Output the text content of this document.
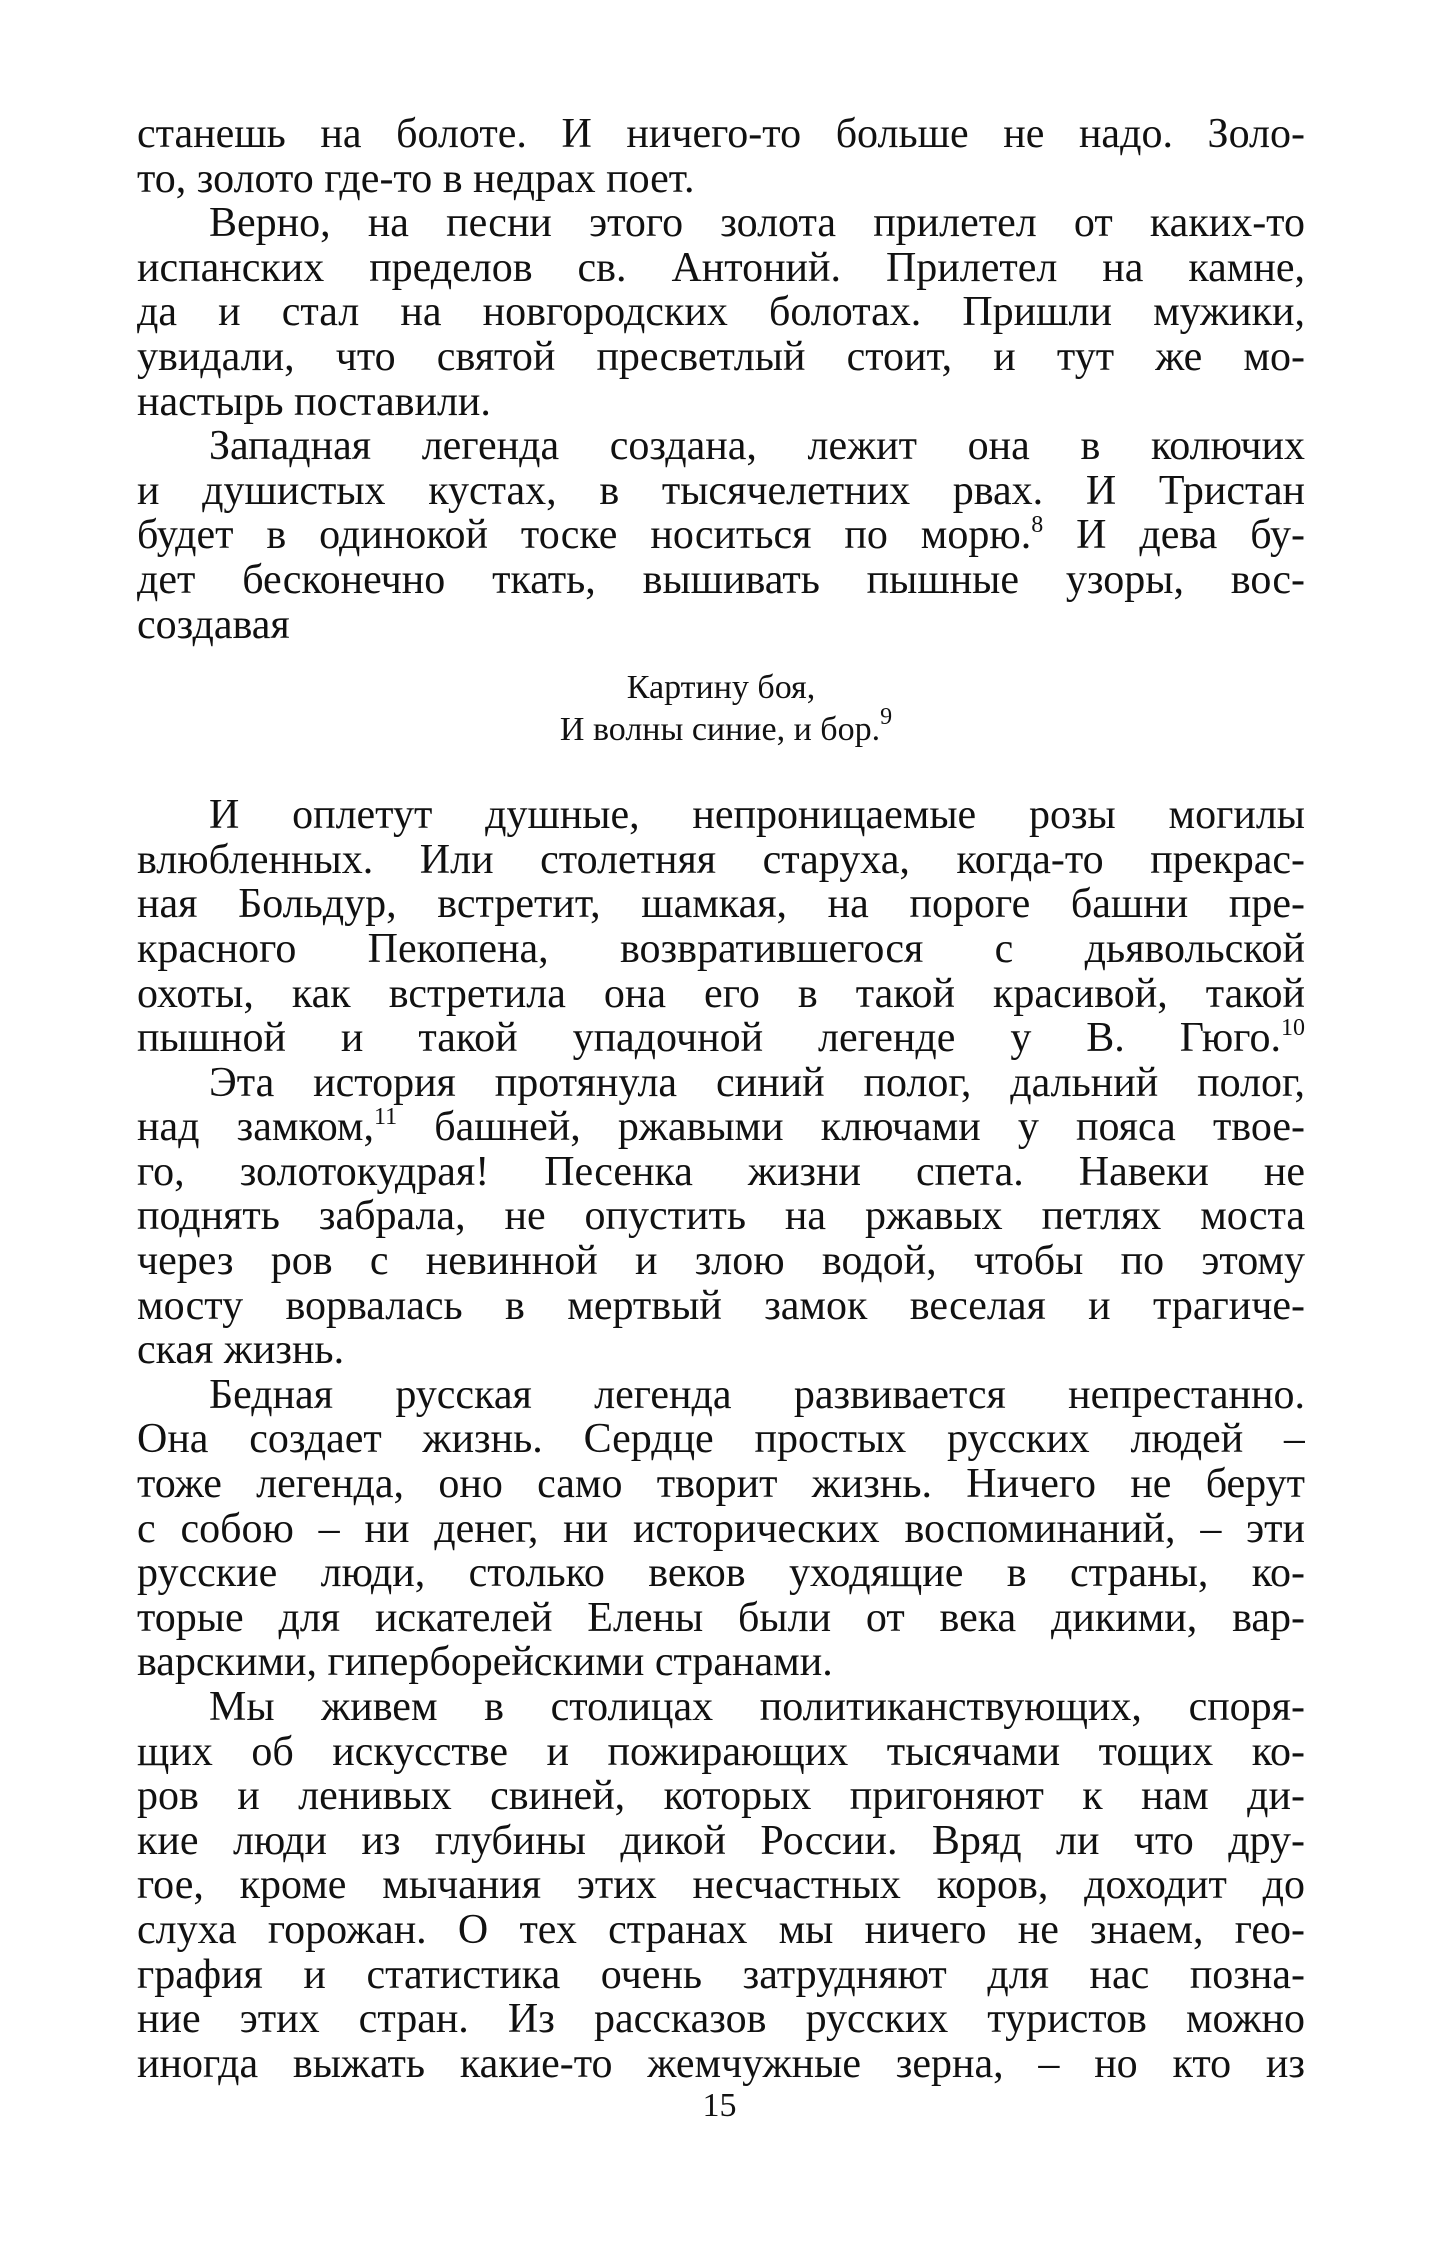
станешь на болоте. И ничего-то больше не надо. Золо-
то, золото где-то в недрах поет.
Верно, на песни этого золота прилетел от каких-то
испанских пределов св. Антоний. Прилетел на камне,
да и стал на новгородских болотах. Пришли мужики,
увидали, что святой пресветлый стоит, и тут же мо-
настырь поставили.
Западная легенда создана, лежит она в колючих
и душистых кустах, в тысячелетних рвах. И Тристан
будет в одинокой тоске носиться по морю.$^8$ И дева бу-
дет бесконечно ткать, вышивать пышные узоры, вос-
создавая
Картину боя,
И волны синие, и бор.$^9$
И оплетут душные, непроницаемые розы могилы
влюбленных. Или столетняя старуха, когда-то прекрас-
ная Больдур, встретит, шамкая, на пороге башни пре-
красного Пекопена, возвратившегося с дьявольской
охоты, как встретила она его в такой красивой, такой
пышной и такой упадочной легенде у В. Гюго.$^{10}$
Эта история протянула синий полог, дальний полог,
над замком,$^{11}$ башней, ржавыми ключами у пояса твое-
го, золотокудрая! Песенка жизни спета. Навеки не
поднять забрала, не опустить на ржавых петлях моста
через ров с невинной и злою водой, чтобы по этому
мосту ворвалась в мертвый замок веселая и трагиче-
ская жизнь.
Бедная русская легенда развивается непрестанно.
Она создает жизнь. Сердце простых русских людей –
тоже легенда, оно само творит жизнь. Ничего не берут
с собою – ни денег, ни исторических воспоминаний, – эти
русские люди, столько веков уходящие в страны, ко-
торые для искателей Елены были от века дикими, вар-
варскими, гиперборейскими странами.
Мы живем в столицах политиканствующих, споря-
щих об искусстве и пожирающих тысячами тощих ко-
ров и ленивых свиней, которых пригоняют к нам ди-
кие люди из глубины дикой России. Вряд ли что дру-
гое, кроме мычания этих несчастных коров, доходит до
слуха горожан. О тех странах мы ничего не знаем, гео-
графия и статистика очень затрудняют для нас позна-
ние этих стран. Из рассказов русских туристов можно
иногда выжать какие-то жемчужные зерна, – но кто из
15
